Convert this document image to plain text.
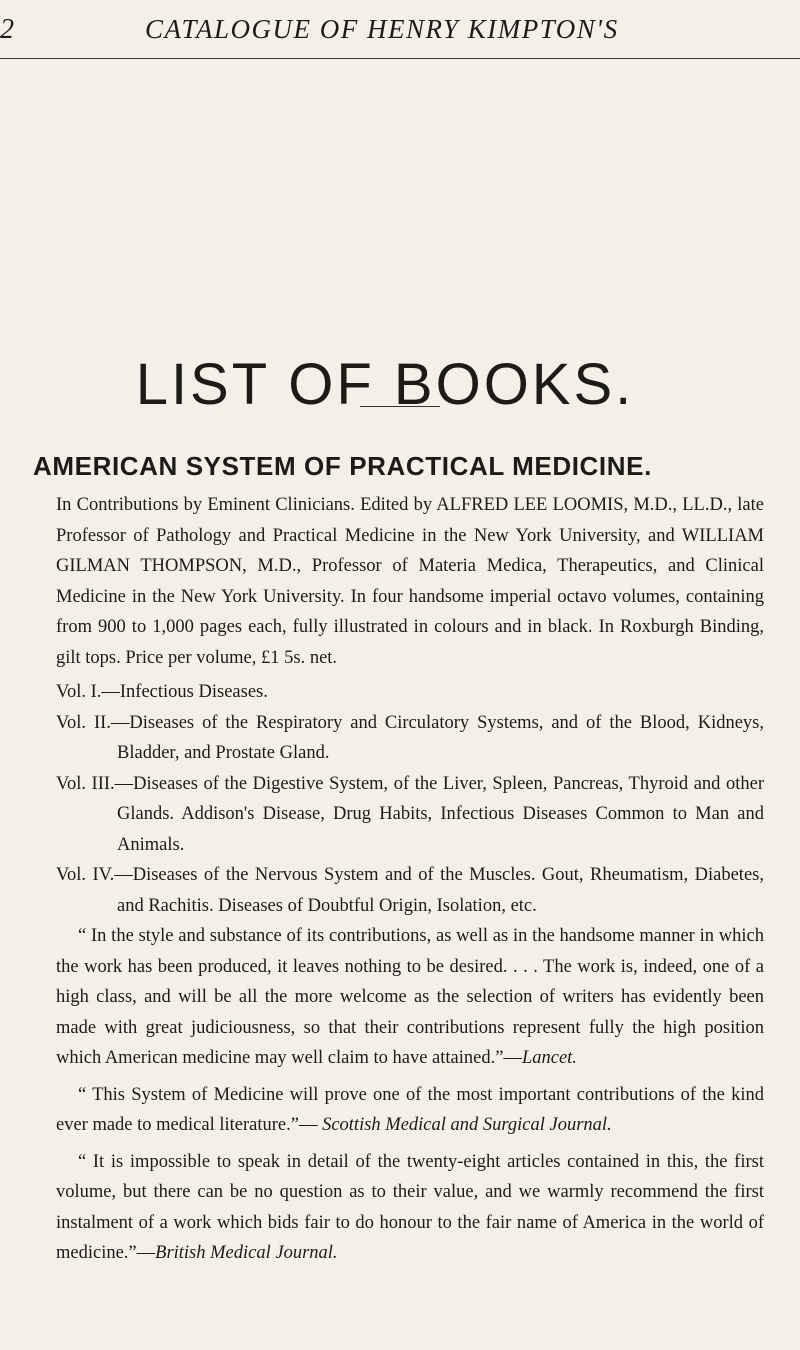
2	CATALOGUE OF HENRY KIMPTON'S
LIST OF BOOKS.
AMERICAN SYSTEM OF PRACTICAL MEDICINE.

In Contributions by Eminent Clinicians. Edited by ALFRED LEE LOOMIS, M.D., LL.D., late Professor of Pathology and Practical Medicine in the New York University, and WILLIAM GILMAN THOMPSON, M.D., Professor of Materia Medica, Therapeutics, and Clinical Medicine in the New York University. In four handsome imperial octavo volumes, containing from 900 to 1,000 pages each, fully illustrated in colours and in black. In Roxburgh Binding, gilt tops. Price per volume, £1 5s. net.

Vol. I.—Infectious Diseases.

Vol. II.—Diseases of the Respiratory and Circulatory Systems, and of the Blood, Kidneys, Bladder, and Prostate Gland.

Vol. III.—Diseases of the Digestive System, of the Liver, Spleen, Pancreas, Thyroid and other Glands. Addison's Disease, Drug Habits, Infectious Diseases Common to Man and Animals.

Vol. IV.—Diseases of the Nervous System and of the Muscles. Gout, Rheumatism, Diabetes, and Rachitis. Diseases of Doubtful Origin, Isolation, etc.

“ In the style and substance of its contributions, as well as in the handsome manner in which the work has been produced, it leaves nothing to be desired. . . . The work is, indeed, one of a high class, and will be all the more welcome as the selection of writers has evidently been made with great judiciousness, so that their contributions represent fully the high position which American medicine may well claim to have attained.”—Lancet.

“ This System of Medicine will prove one of the most important contributions of the kind ever made to medical literature.”— Scottish Medical and Surgical Journal.

“ It is impossible to speak in detail of the twenty-eight articles contained in this, the first volume, but there can be no question as to their value, and we warmly recommend the first instalment of a work which bids fair to do honour to the fair name of America in the world of medicine.”—British Medical Journal.
